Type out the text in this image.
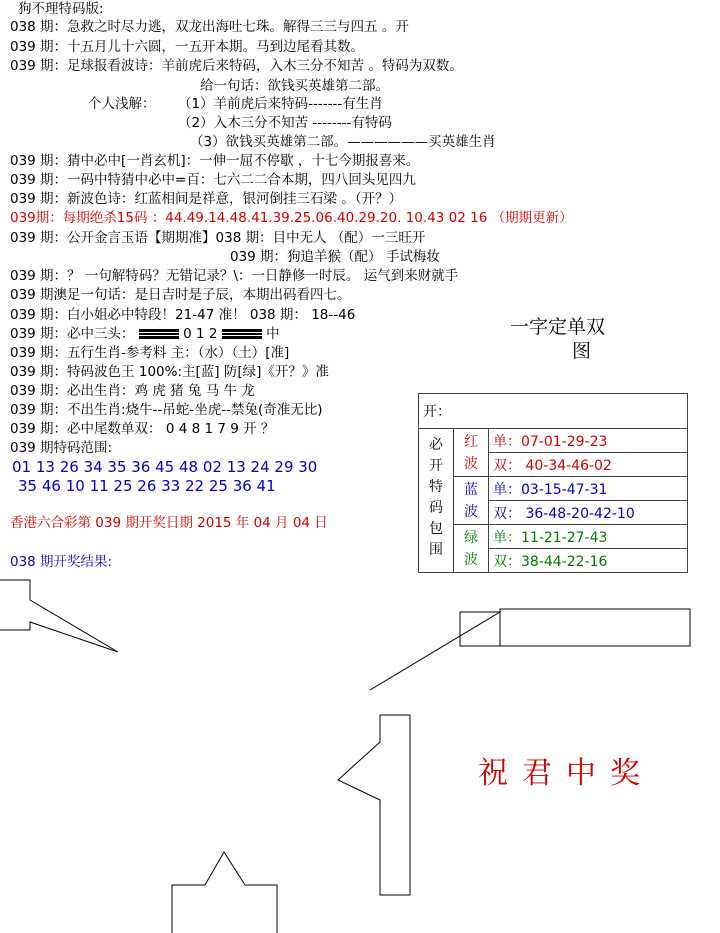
狗不理特码版:
038 期：急救之时尽力逃，双龙出海吐七珠。解得三三与四五 。开
039 期：十五月儿十六圆，一五开本期。马到边尾看其数。
039 期：足球报看波诗：羊前虎后来特码，入木三分不知苦 。特码为双数。
给一句话：欲钱买英雄第二部。
个人浅解： （1）羊前虎后来特码-------有生肖
（2）入木三分不知苦 --------有特码
（3）欲钱买英雄第二部。——————买英雄生肖
039 期：猜中必中[一肖玄机]：一伸一屈不停歇 ，十七今期报喜来。
039 期：一码中特猜中必中=百：七六二二合本期，四八回头见四九
039 期：新波色诗：红蓝相间是祥意，银河倒挂三石梁 。（开？）
039期：每期绝杀15码 ：44.49.14.48.41.39.25.06.40.29.20. 10.43 02 16 （期期更新）
039 期：公开金言玉语【期期准】038 期：目中无人 （配）一三旺开
039 期：狗追羊猴（配） 手试梅妆
039 期：？ 一句解特码？无错记录？\：一日静修一时辰。 运气到来财就手
039 期澳足一句话：是日吉时是子辰，本期出码看四七。
039 期：白小姐必中特段！21-47 准！ 038 期： 18--46
039 期：必中三头：	0 1 2	中
039 期：五行生肖-参考料 主：（水）（土）[准]
039 期：特码波色王 100%:主[蓝] 防[绿]《开？》准
039 期：必出生肖：鸡 虎 猪 兔 马 牛 龙
039 期：不出生肖:烧牛--吊蛇-坐虎--禁兔(奇准无比)
039 期：必中尾数单双： 0 4 8 1 7 9 开 ？
039 期特码范围:
01 13 26 34 35 36 45 48 02 13 24 29 30
35 46 10 11 25 26 33 22 25 36 41
香港六合彩第 039 期开奖日期 2015 年 04 月 04 日
038 期开奖结果:
一字定单双
图
开：		
必开特码包围	红波	单：07-01-29-23
		双： 40-34-46-02
	蓝波	单：03-15-47-31
		双： 36-48-20-42-10
	绿波	单：11-21-27-43
		双：38-44-22-16
祝君中奖
